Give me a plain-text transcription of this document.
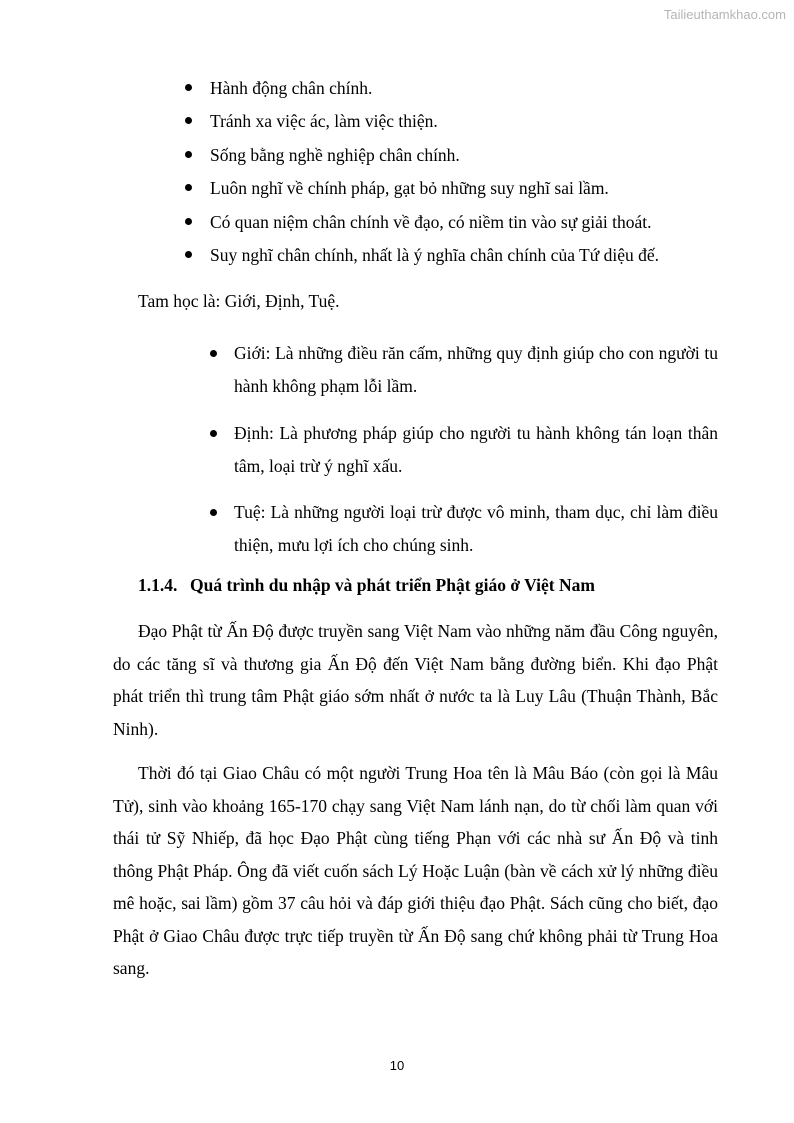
Tailieuthamkhao.com
Hành động chân chính.
Tránh xa việc ác, làm việc thiện.
Sống bằng nghề nghiệp chân chính.
Luôn nghĩ về chính pháp, gạt bỏ những suy nghĩ sai lầm.
Có quan niệm chân chính về đạo, có niềm tin vào sự giải thoát.
Suy nghĩ chân chính, nhất là ý nghĩa chân chính của Tứ diệu đế.

Tam học là: Giới, Định, Tuệ.

Giới: Là những điều răn cấm, những quy định giúp cho con người tu hành không phạm lỗi lầm.
Định: Là phương pháp giúp cho người tu hành không tán loạn thân tâm, loại trừ ý nghĩ xấu.
Tuệ: Là những người loại trừ được vô minh, tham dục, chỉ làm điều thiện, mưu lợi ích cho chúng sinh.
1.1.4. Quá trình du nhập và phát triển Phật giáo ở Việt Nam

Đạo Phật từ Ấn Độ được truyền sang Việt Nam vào những năm đầu Công nguyên, do các tăng sĩ và thương gia Ấn Độ đến Việt Nam bằng đường biển. Khi đạo Phật phát triển thì trung tâm Phật giáo sớm nhất ở nước ta là Luy Lâu (Thuận Thành, Bắc Ninh).

Thời đó tại Giao Châu có một người Trung Hoa tên là Mâu Báo (còn gọi là Mâu Tử), sinh vào khoảng 165-170 chạy sang Việt Nam lánh nạn, do từ chối làm quan với thái tử Sỹ Nhiếp, đã học Đạo Phật cùng tiếng Phạn với các nhà sư Ấn Độ và tinh thông Phật Pháp. Ông đã viết cuốn sách Lý Hoặc Luận (bàn về cách xử lý những điều mê hoặc, sai lầm) gồm 37 câu hỏi và đáp giới thiệu đạo Phật. Sách cũng cho biết, đạo Phật ở Giao Châu được trực tiếp truyền từ Ấn Độ sang chứ không phải từ Trung Hoa sang.

10
